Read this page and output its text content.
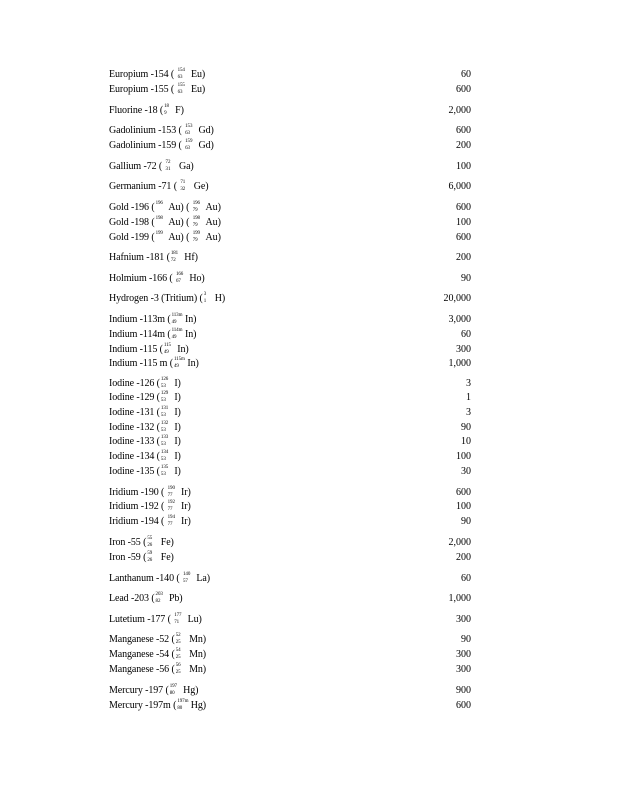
Europium -154 ( 154
63 Eu)	60
Europium -155 ( 155
63 Eu)	600
Fluorine -18 ( 18
9 F)	2,000
Gadolinium -153 ( 153
63 Gd)	600
Gadolinium -159 ( 159
63 Gd)	200
Gallium -72 ( 72
31 Ga)	100
Germanium -71 ( 71
32 Ge)	6,000
Gold -196 ( 196 Au) ( 196
79 Au)	600
Gold -198 ( 198 Au) ( 198
79 Au)	100
Gold -199 ( 199 Au) ( 199
79 Au)	600
Hafnium -181 ( 181
72 Hf)	200
Holmium -166 ( 166
67 Ho)	90
Hydrogen -3 (Tritium) ( 3
1 H)	20,000
Indium -113m ( 113m
49 In)	3,000
Indium -114m ( 114m
49 In)	60
Indium -115 ( 115
49 In)	300
Indium -115 m ( 115m
49 In)	1,000
Iodine -126 ( 126
53 I)	3
Iodine -129 ( 129
53 I)	1
Iodine -131 ( 131
53 I)	3
Iodine -132 ( 132
53 I)	90
Iodine -133 ( 133
53 I)	10
Iodine -134 ( 134
53 I)	100
Iodine -135 ( 135
53 I)	30
Iridium -190 ( 190
77 Ir)	600
Iridium -192 ( 192
77 Ir)	100
Iridium -194 ( 194
77 Ir)	90
Iron -55 ( 55
26 Fe)	2,000
Iron -59 ( 59
26 Fe)	200
Lanthanum -140 ( 140
57 La)	60
Lead -203 ( 203
82 Pb)	1,000
Lutetium -177 ( 177
71 Lu)	300
Manganese -52 ( 52
25 Mn)	90
Manganese -54 ( 54
25 Mn)	300
Manganese -56 ( 56
25 Mn)	300
Mercury -197 ( 197
80 Hg)	900
Mercury -197m ( 197m
80 Hg)	600
